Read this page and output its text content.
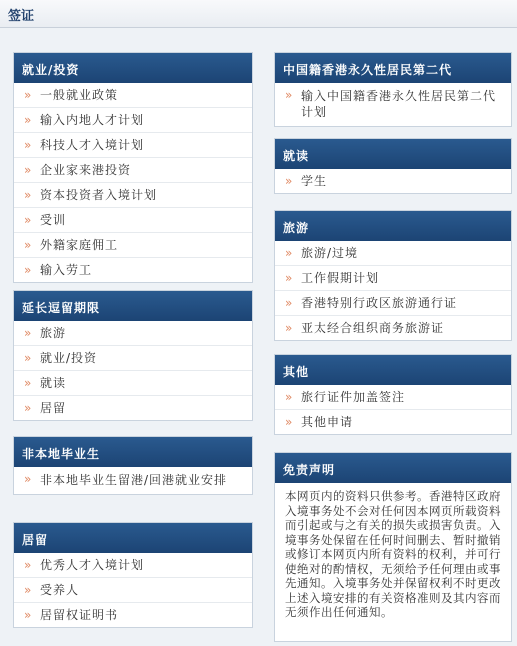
签证
就业/投资
» 一般就业政策
» 输入内地人才计划
» 科技人才入境计划
» 企业家来港投资
» 资本投资者入境计划
» 受训
» 外籍家庭佣工
» 输入劳工
延长逗留期限
» 旅游
» 就业/投资
» 就读
» 居留
非本地毕业生
» 非本地毕业生留港/回港就业安排
居留
» 优秀人才入境计划
» 受养人
» 居留权证明书
中国籍香港永久性居民第二代
» 输入中国籍香港永久性居民第二代计划
就读
» 学生
旅游
» 旅游/过境
» 工作假期计划
» 香港特别行政区旅游通行证
» 亚太经合组织商务旅游证
其他
» 旅行证件加盖签注
» 其他申请
免责声明
本网页内的资料只供参考。香港特区政府入境事务处不会对任何因本网页所载资料而引起或与之有关的损失或损害负责。入境事务处保留在任何时间删去、暂时撤销或修订本网页内所有资料的权利，并可行使绝对的酌情权，无须给予任何理由或事先通知。入境事务处并保留权利不时更改上述入境安排的有关资格准则及其内容而无须作出任何通知。
